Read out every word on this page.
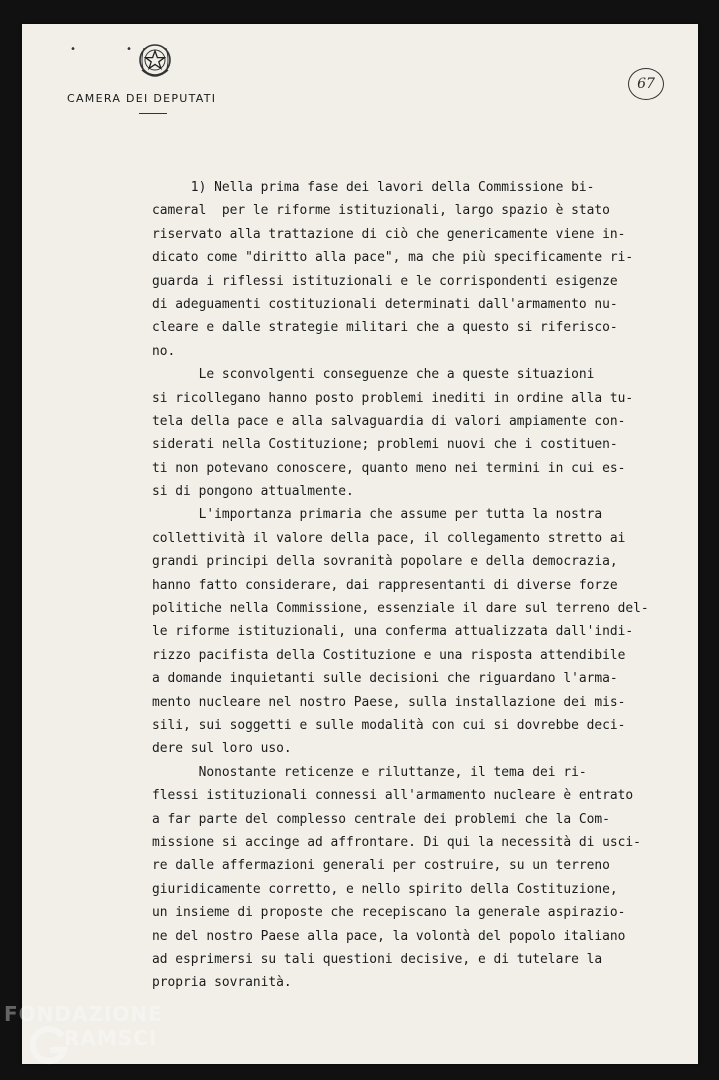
• •
CAMERA DEI DEPUTATI
67
1) Nella prima fase dei lavori della Commissione bi-
cameral  per le riforme istituzionali, largo spazio è stato
riservato alla trattazione di ciò che genericamente viene in-
dicato come "diritto alla pace", ma che più specificamente ri-
guarda i riflessi istituzionali e le corrispondenti esigenze
di adeguamenti costituzionali determinati dall'armamento nu-
cleare e dalle strategie militari che a questo si riferisco-
no.
Le sconvolgenti conseguenze che a queste situazioni
si ricollegano hanno posto problemi inediti in ordine alla tu-
tela della pace e alla salvaguardia di valori ampiamente con-
siderati nella Costituzione; problemi nuovi che i costituen-
ti non potevano conoscere, quanto meno nei termini in cui es-
si di pongono attualmente.
L'importanza primaria che assume per tutta la nostra
collettività il valore della pace, il collegamento stretto ai
grandi principi della sovranità popolare e della democrazia,
hanno fatto considerare, dai rappresentanti di diverse forze
politiche nella Commissione, essenziale il dare sul terreno del-
le riforme istituzionali, una conferma attualizzata dall'indi-
rizzo pacifista della Costituzione e una risposta attendibile
a domande inquietanti sulle decisioni che riguardano l'arma-
mento nucleare nel nostro Paese, sulla installazione dei mis-
sili, sui soggetti e sulle modalità con cui si dovrebbe deci-
dere sul loro uso.
Nonostante reticenze e riluttanze, il tema dei ri-
flessi istituzionali connessi all'armamento nucleare è entrato
a far parte del complesso centrale dei problemi che la Com-
missione si accinge ad affrontare. Di qui la necessità di usci-
re dalle affermazioni generali per costruire, su un terreno
giuridicamente corretto, e nello spirito della Costituzione,
un insieme di proposte che recepiscano la generale aspirazio-
ne del nostro Paese alla pace, la volontà del popolo italiano
ad esprimersi su tali questioni decisive, e di tutelare la
propria sovranità.
FONDAZIONE
RAMSCI
